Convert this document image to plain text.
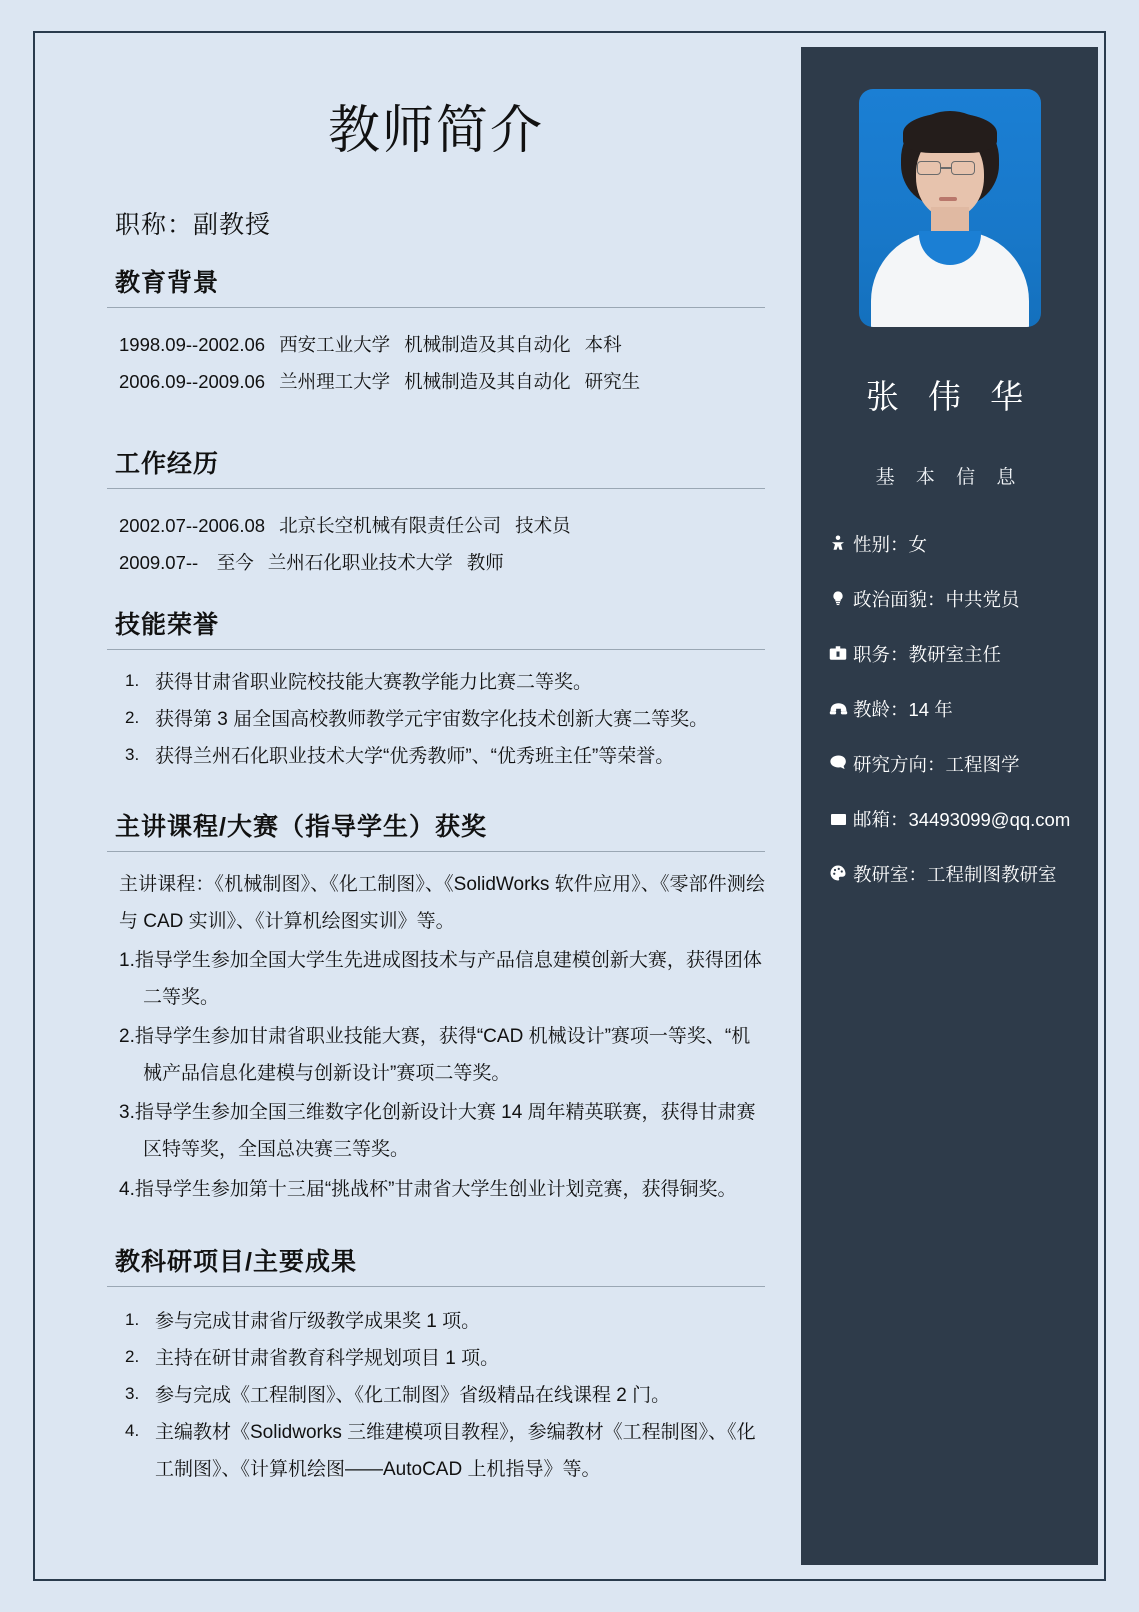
教师简介
职称：副教授
教育背景
1998.09--2002.06 西安工业大学 机械制造及其自动化 本科
2006.09--2009.06 兰州理工大学 机械制造及其自动化 研究生
工作经历
2002.07--2006.08 北京长空机械有限责任公司 技术员
2009.07--　至今 兰州石化职业技术大学 教师
技能荣誉
1. 获得甘肃省职业院校技能大赛教学能力比赛二等奖。
2. 获得第 3 届全国高校教师教学元宇宙数字化技术创新大赛二等奖。
3. 获得兰州石化职业技术大学“优秀教师”、“优秀班主任”等荣誉。
主讲课程/大赛（指导学生）获奖
主讲课程：《机械制图》、《化工制图》、《SolidWorks 软件应用》、《零部件测绘与 CAD 实训》、《计算机绘图实训》等。
1.指导学生参加全国大学生先进成图技术与产品信息建模创新大赛，获得团体二等奖。
2.指导学生参加甘肃省职业技能大赛，获得“CAD 机械设计”赛项一等奖、“机械产品信息化建模与创新设计”赛项二等奖。
3.指导学生参加全国三维数字化创新设计大赛 14 周年精英联赛，获得甘肃赛区特等奖，全国总决赛三等奖。
4.指导学生参加第十三届“挑战杯”甘肃省大学生创业计划竞赛，获得铜奖。
教科研项目/主要成果
1. 参与完成甘肃省厅级教学成果奖 1 项。
2. 主持在研甘肃省教育科学规划项目 1 项。
3. 参与完成《工程制图》、《化工制图》省级精品在线课程 2 门。
4. 主编教材《Solidworks 三维建模项目教程》，参编教材《工程制图》、《化工制图》、《计算机绘图——AutoCAD 上机指导》等。
张 伟 华
基 本 信 息
性别：女
政治面貌：中共党员
职务：教研室主任
教龄：14 年
研究方向：工程图学
邮箱：34493099@qq.com
教研室：工程制图教研室
